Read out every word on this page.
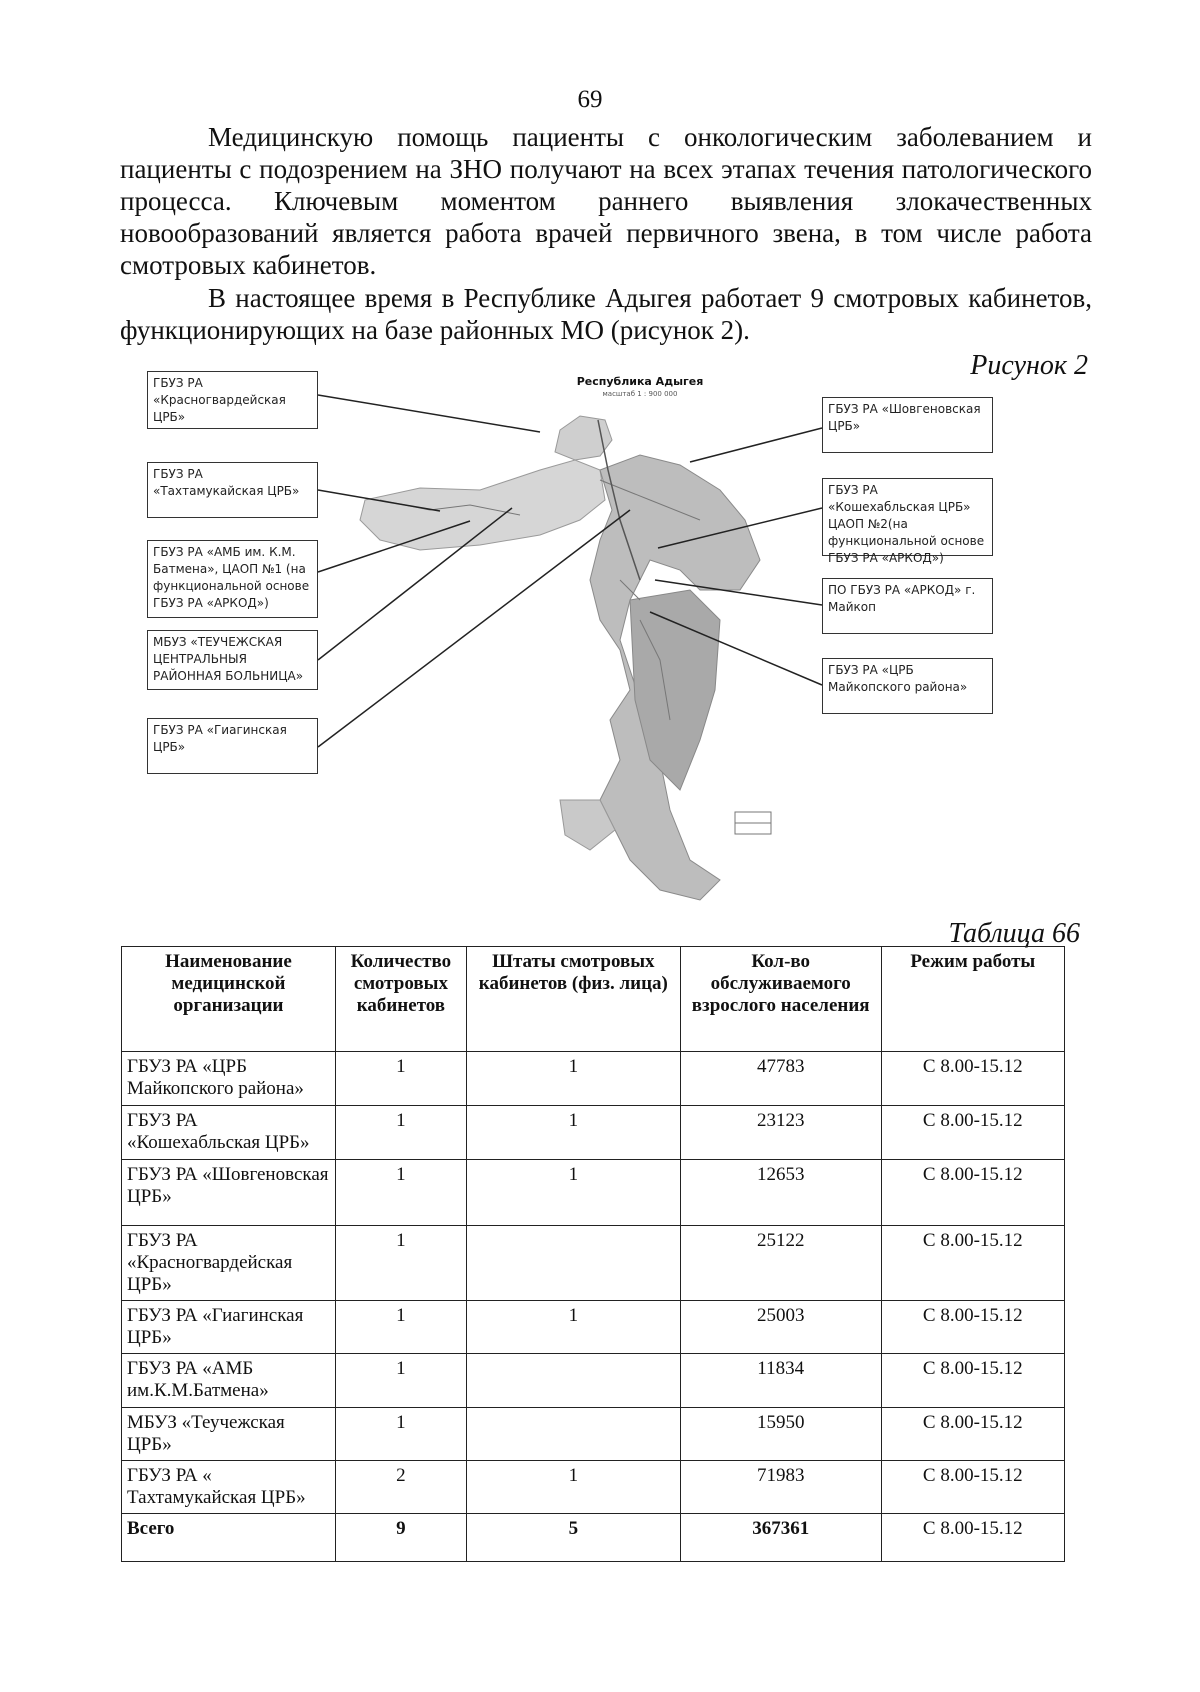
69

Медицинскую помощь пациенты с онкологическим заболеванием и пациенты с подозрением на ЗНО получают на всех этапах течения патологического процесса. Ключевым моментом раннего выявления злокачественных новообразований является работа врачей первичного звена, в том числе работа смотровых кабинетов.

В настоящее время в Республике Адыгея работает 9 смотровых кабинетов, функционирующих на базе районных МО (рисунок 2).

Рисунок 2
Республика Адыгея
масштаб 1 : 900 000
ГБУЗ РА «Красногвардейская ЦРБ»
ГБУЗ РА «Тахтамукайская ЦРБ»
ГБУЗ РА «АМБ им. К.М. Батмена», ЦАОП №1 (на функциональной основе ГБУЗ РА «АРКОД»)
МБУЗ «ТЕУЧЕЖСКАЯ ЦЕНТРАЛЬНЫЯ РАЙОННАЯ БОЛЬНИЦА»
ГБУЗ РА «Гиагинская ЦРБ»
ГБУЗ РА «Шовгеновская ЦРБ»
ГБУЗ РА «Кошехабльская ЦРБ» ЦАОП №2(на функциональной основе ГБУЗ РА «АРКОД»)
ПО ГБУЗ РА «АРКОД» г. Майкоп
ГБУЗ РА «ЦРБ Майкопского района»
Таблица 66
Наименование медицинской организации	Количество смотровых кабинетов	Штаты смотровых кабинетов (физ. лица)	Кол-во обслуживаемого взрослого населения	Режим работы
ГБУЗ РА «ЦРБ Майкопского района»	1	1	47783	С 8.00-15.12
ГБУЗ РА «Кошехабльская ЦРБ»	1	1	23123	С 8.00-15.12
ГБУЗ РА «Шовгеновская ЦРБ»	1	1	12653	С 8.00-15.12
ГБУЗ РА «Красногвардейская ЦРБ»	1		25122	С 8.00-15.12
ГБУЗ РА «Гиагинская ЦРБ»	1	1	25003	С 8.00-15.12
ГБУЗ РА «АМБ им.К.М.Батмена»	1		11834	С 8.00-15.12
МБУЗ «Теучежская ЦРБ»	1		15950	С 8.00-15.12
ГБУЗ РА « Тахтамукайская ЦРБ»	2	1	71983	С 8.00-15.12
Всего	9	5	367361	С 8.00-15.12
